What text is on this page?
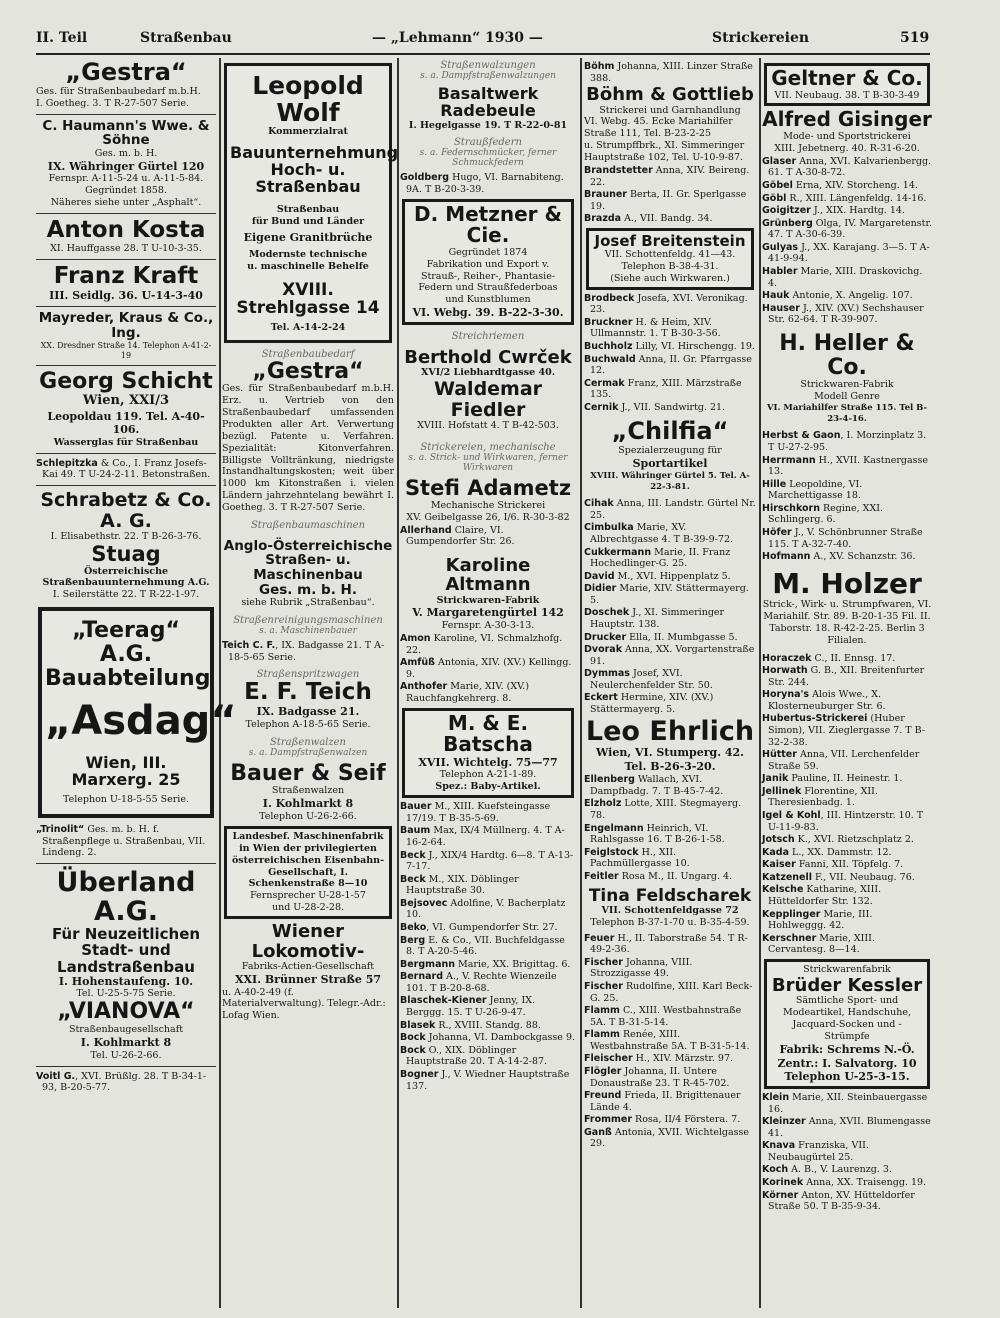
II. Teil	Straßenbau	— „Lehmann“ 1930 —	Strickereien	519
„Gestra“

Ges. für Straßenbaubedarf m.b.H.

I. Goetheg. 3. T R-27-507 Serie.

C. Haumann's Wwe. & Söhne

Ges. m. b. H.

IX. Währinger Gürtel 120

Fernspr. A-11-5-24 u. A-11-5-84.

Gegründet 1858.

Näheres siehe unter „Asphalt“.

Anton Kosta

XI. Hauffgasse 28. T U-10-3-35.

Franz Kraft

III. Seidlg. 36. U-14-3-40

Mayreder, Kraus & Co., Ing.

XX. Dresdner Straße 14. Telephon A-41-2-19

Georg Schicht

Wien, XXI/3

Leopoldau 119. Tel. A-40-106.

Wasserglas für Straßenbau

Schlepitzka & Co., I. Franz Josefs-Kai 49. T U-24-2-11. Betonstraßen.

Schrabetz & Co. A. G.

I. Elisabethstr. 22. T B-26-3-76.

Stuag

Österreichische Straßenbauunternehmung A.G.

I. Seilerstätte 22. T R-22-1-97.

„Teerag“ A.G.
Bauabteilung
„Asdag“
Wien, III. Marxerg. 25

Telephon U-18-5-55 Serie.

„Trinolit“ Ges. m. b. H. f. Straßenpflege u. Straßenbau, VII. Lindeng. 2.

Überland A.G.
Für Neuzeitlichen Stadt- und Landstraßenbau

I. Hohenstaufeng. 10.

Tel. U-25-5-75 Serie.

„VIANOVA“

Straßenbaugesellschaft

I. Kohlmarkt 8

Tel. U-26-2-66.

Voitl G., XVI. Brüßlg. 28. T B-34-1-93, B-20-5-77.

Leopold Wolf

Kommerzialrat

Bauunternehmung
Hoch- u. Straßenbau

Straßenbau

für Bund und Länder

Eigene Granitbrüche

Modernste technische

u. maschinelle Behelfe

XVIII. Strehlgasse 14

Tel. A-14-2-24

Straßenbaubedarf

„Gestra“

Ges. für Straßenbaubedarf m.b.H. Erz. u. Vertrieb von den Straßenbaubedarf umfassenden Produkten aller Art. Verwertung bezügl. Patente u. Verfahren. Spezialität: Kitonverfahren. Billigste Volltränkung, niedrigste Instandhaltungskosten; weit über 1000 km Kitonstraßen i. vielen Ländern jahrzehntelang bewährt I. Goetheg. 3. T R-27-507 Serie.

Straßenbaumaschinen

Anglo-Österreichische
Straßen- u. Maschinenbau
Ges. m. b. H.

siehe Rubrik „Straßenbau“.

Straßenreinigungsmaschinen

s. a. Maschinenbauer

Teich C. F., IX. Badgasse 21. T A-18-5-65 Serie.

Straßenspritzwagen

E. F. Teich

IX. Badgasse 21.

Telephon A-18-5-65 Serie.

Straßenwalzen

s. a. Dampfstraßenwalzen

Bauer & Seif

Straßenwalzen

I. Kohlmarkt 8

Telephon U-26-2-66.

Landesbef. Maschinenfabrik in Wien der privilegierten österreichischen Eisenbahn-Gesellschaft, I. Schenkenstraße 8—10

Fernsprecher U-28-1-57

und U-28-2-28.

Wiener Lokomotiv-

Fabriks-Actien-Gesellschaft

XXI. Brünner Straße 57

u. A-40-2-49 (f. Materialverwaltung). Telegr.-Adr.: Lofag Wien.

Straßenwalzungen

s. a. Dampfstraßenwalzungen

Basaltwerk Radebeule

I. Hegelgasse 19. T R-22-0-81

Straußfedern

s. a. Federnschmücker, ferner Schmuckfedern

Goldberg Hugo, VI. Barnabiteng. 9A. T B-20-3-39.

D. Metzner & Cie.

Gegründet 1874

Fabrikation und Export v. Strauß-, Reiher-, Phantasie-Federn und Straußfederboas und Kunstblumen

VI. Webg. 39. B-22-3-30.

Streichriemen

Berthold Cwrček

XVI/2 Liebhardtgasse 40.

Waldemar Fiedler

XVIII. Hofstatt 4. T B-42-503.

Strickereien, mechanische

s. a. Strick- und Wirkwaren, ferner Wirkwaren

Stefi Adametz

Mechanische Strickerei

XV. Geibelgasse 26, I/6. R-30-3-82

Allerhand Claire, VI. Gumpendorfer Str. 26.

Karoline Altmann

Strickwaren-Fabrik

V. Margaretengürtel 142

Fernspr. A-30-3-13.

Amon Karoline, VI. Schmalzhofg. 22.

Amfüß Antonia, XIV. (XV.) Kellingg. 9.

Anthofer Marie, XIV. (XV.) Rauchfangkehrerg. 8.

M. & E. Batscha

XVII. Wichtelg. 75—77

Telephon A-21-1-89.

Spez.: Baby-Artikel.

Bauer M., XIII. Kuefsteingasse 17/19. T B-35-5-69.

Baum Max, IX/4 Müllnerg. 4. T A-16-2-64.

Beck J., XIX/4 Hardtg. 6—8. T A-13-7-17.

Beck M., XIX. Döblinger Hauptstraße 30.

Bejsovec Adolfine, V. Bacherplatz 10.

Beko, VI. Gumpendorfer Str. 27.

Berg E. & Co., VII. Buchfeldgasse 8. T A-20-5-46.

Bergmann Marie, XX. Brigittag. 6.

Bernard A., V. Rechte Wienzeile 101. T B-20-8-68.

Blaschek-Kiener Jenny, IX. Berggg. 15. T U-26-9-47.

Blasek R., XVIII. Standg. 88.

Bock Johanna, VI. Dambockgasse 9.

Bock O., XIX. Döblinger Hauptstraße 20. T A-14-2-87.

Bogner J., V. Wiedner Hauptstraße 137.

Böhm Johanna, XIII. Linzer Straße 388.

Böhm & Gottlieb

Strickerei und Garnhandlung

VI. Webg. 45. Ecke Mariahilfer Straße 111, Tel. B-23-2-25

u. Strumpffbrk., XI. Simmeringer Hauptstraße 102, Tel. U-10-9-87.

Brandstetter Anna, XIV. Beireng. 22.

Brauner Berta, II. Gr. Sperlgasse 19.

Brazda A., VII. Bandg. 34.

Josef Breitenstein

VII. Schottenfeldg. 41—43.

Telephon B-38-4-31.

(Siehe auch Wirkwaren.)

Brodbeck Josefa, XVI. Veronikag. 23.

Bruckner H. & Heim, XIV. Ullmannstr. 1. T B-30-3-56.

Buchholz Lilly, VI. Hirschengg. 19.

Buchwald Anna, II. Gr. Pfarrgasse 12.

Cermak Franz, XIII. Märzstraße 135.

Cernik J., VII. Sandwirtg. 21.

„Chilfia“

Spezialerzeugung für

Sportartikel

XVIII. Währinger Gürtel 5. Tel. A-22-3-81.

Cihak Anna, III. Landstr. Gürtel Nr. 25.

Cimbulka Marie, XV. Albrechtgasse 4. T B-39-9-72.

Cukkermann Marie, II. Franz Hochedlinger-G. 25.

David M., XVI. Hippenplatz 5.

Didier Marie, XIV. Stättermayerg. 5.

Doschek J., XI. Simmeringer Hauptstr. 138.

Drucker Ella, II. Mumbgasse 5.

Dvorak Anna, XX. Vorgartenstraße 91.

Dymmas Josef, XVI. Neulerchenfelder Str. 50.

Eckert Hermine, XIV. (XV.) Stättermayerg. 5.

Leo Ehrlich

Wien, VI. Stumperg. 42.

Tel. B-26-3-20.

Ellenberg Wallach, XVI. Dampfbadg. 7. T B-45-7-42.

Elzholz Lotte, XIII. Stegmayerg. 78.

Engelmann Heinrich, VI. Rahlsgasse 16. T B-26-1-58.

Feiglstock H., XII. Pachmüllergasse 10.

Feitler Rosa M., II. Ungarg. 4.

Tina Feldscharek

VII. Schottenfeldgasse 72

Telephon B-37-1-70 u. B-35-4-59.

Feuer H., II. Taborstraße 54. T R-49-2-36.

Fischer Johanna, VIII. Strozzigasse 49.

Fischer Rudolfine, XIII. Karl Beck-G. 25.

Flamm C., XIII. Westbahnstraße 5A. T B-31-5-14.

Flamm Renée, XIII. Westbahnstraße 5A. T B-31-5-14.

Fleischer H., XIV. Märzstr. 97.

Flögler Johanna, II. Untere Donaustraße 23. T R-45-702.

Freund Frieda, II. Brigittenauer Lände 4.

Frommer Rosa, II/4 Förstera. 7.

Ganß Antonia, XVII. Wichtelgasse 29.

Geltner & Co.

VII. Neubaug. 38. T B-30-3-49

Alfred Gisinger

Mode- und Sportstrickerei

XIII. Jebetnerg. 40. R-31-6-20.

Glaser Anna, XVI. Kalvarienbergg. 61. T A-30-8-72.

Göbel Erna, XIV. Storcheng. 14.

Göbl R., XIII. Längenfeldg. 14-16.

Goigitzer J., XIX. Hardtg. 14.

Grünberg Olga, IV. Margaretenstr. 47. T A-30-6-39.

Gulyas J., XX. Karajang. 3—5. T A-41-9-94.

Habler Marie, XIII. Draskovichg. 4.

Hauk Antonie, X. Angelig. 107.

Hauser J., XIV. (XV.) Sechshauser Str. 62-64. T R-39-907.

H. Heller & Co.

Strickwaren-Fabrik

Modell Genre

VI. Mariahilfer Straße 115. Tel B-23-4-16.

Herbst & Gaon, I. Morzinplatz 3. T U-27-2-95.

Herrmann H., XVII. Kastnergasse 13.

Hille Leopoldine, VI. Marchettigasse 18.

Hirschkorn Regine, XXI. Schlingerg. 6.

Höfer J., V. Schönbrunner Straße 115. T A-32-7-40.

Hofmann A., XV. Schanzstr. 36.

M. Holzer

Strick-, Wirk- u. Strumpfwaren, VI. Mariahilf. Str. 89. B-20-1-35 Fil. II. Taborstr. 18. R-42-2-25. Berlin 3 Filialen.

Horaczek C., II. Ennsg. 17.

Horwath G. B., XII. Breitenfurter Str. 244.

Horyna's Alois Wwe., X. Klosterneuburger Str. 6.

Hubertus-Strickerei (Huber Simon), VII. Zieglergasse 7. T B-32-2-38.

Hütter Anna, VII. Lerchenfelder Straße 59.

Janik Pauline, II. Heinestr. 1.

Jellinek Florentine, XII. Theresienbadg. 1.

Igel & Kohl, III. Hintzerstr. 10. T U-11-9-83.

Jotsch K., XVI. Rietzschplatz 2.

Kada L., XX. Dammstr. 12.

Kaiser Fanni, XII. Töpfelg. 7.

Katzenell F., VII. Neubaug. 76.

Kelsche Katharine, XIII. Hütteldorfer Str. 132.

Kepplinger Marie, III. Hohlweggg. 42.

Kerschner Marie, XIII. Cervantesg. 8—14.

Strickwarenfabrik

Brüder Kessler

Sämtliche Sport- und Modeartikel, Handschuhe, Jacquard-Socken und -Strümpfe

Fabrik: Schrems N.-Ö.

Zentr.: I. Salvatorg. 10

Telephon U-25-3-15.

Klein Marie, XII. Steinbauergasse 16.

Kleinzer Anna, XVII. Blumengasse 41.

Knava Franziska, VII. Neubaugürtel 25.

Koch A. B., V. Laurenzg. 3.

Korinek Anna, XX. Traisengg. 19.

Körner Anton, XV. Hütteldorfer Straße 50. T B-35-9-34.
